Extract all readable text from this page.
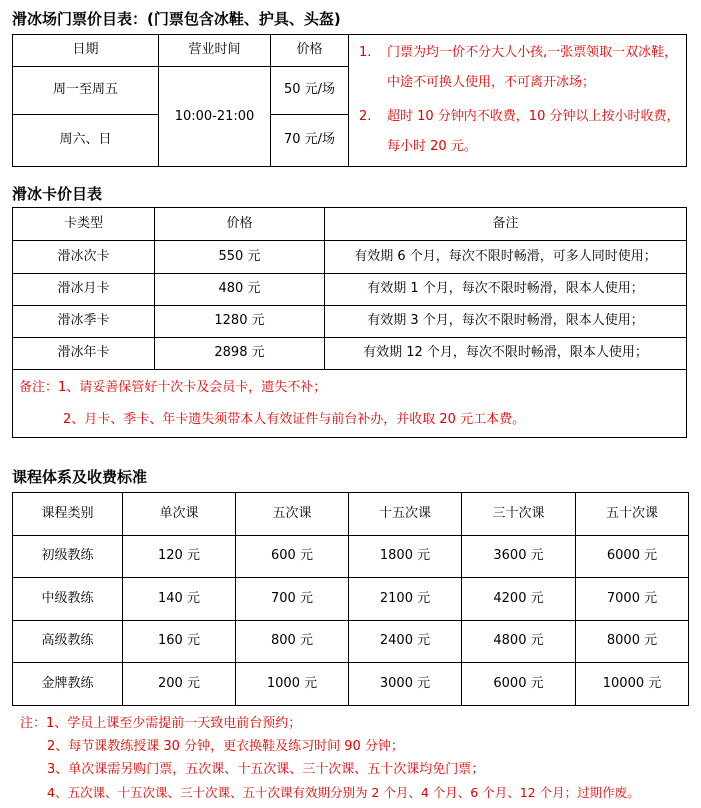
滑冰场门票价目表：(门票包含冰鞋、护具、头盔)
日期	营业时间	价格	1. 门票为均一价不分大人小孩,一张票领取一双冰鞋，中途不可换人使用，不可离开冰场；
2. 超时 10 分钟内不收费，10 分钟以上按小时收费，每小时 20 元。

周一至周五	10:00-21:00	50 元/场	
周六、日		70 元/场	
滑冰卡价目表
卡类型	价格	备注
滑冰次卡	550 元	有效期 6 个月，每次不限时畅滑，可多人同时使用；
滑冰月卡	480 元	有效期 1 个月，每次不限时畅滑，限本人使用；
滑冰季卡	1280 元	有效期 3 个月，每次不限时畅滑，限本人使用；
滑冰年卡	2898 元	有效期 12 个月，每次不限时畅滑，限本人使用；

备注：1、请妥善保管好十次卡及会员卡，遗失不补；
2、月卡、季卡、年卡遗失须带本人有效证件与前台补办，并收取 20 元工本费。		
课程体系及收费标准
课程类别	单次课	五次课	十五次课	三十次课	五十次课
初级教练	120 元	600 元	1800 元	3600 元	6000 元
中级教练	140 元	700 元	2100 元	4200 元	7000 元
高级教练	160 元	800 元	2400 元	4800 元	8000 元
金牌教练	200 元	1000 元	3000 元	6000 元	10000 元
注：1、学员上课至少需提前一天致电前台预约；
2、每节课教练授课 30 分钟，更衣换鞋及练习时间 90 分钟；
3、单次课需另购门票，五次课、十五次课、三十次课、五十次课均免门票；
4、五次课、十五次课、三十次课、五十次课有效期分别为 2 个月、4 个月、6 个月、12 个月；过期作废。
